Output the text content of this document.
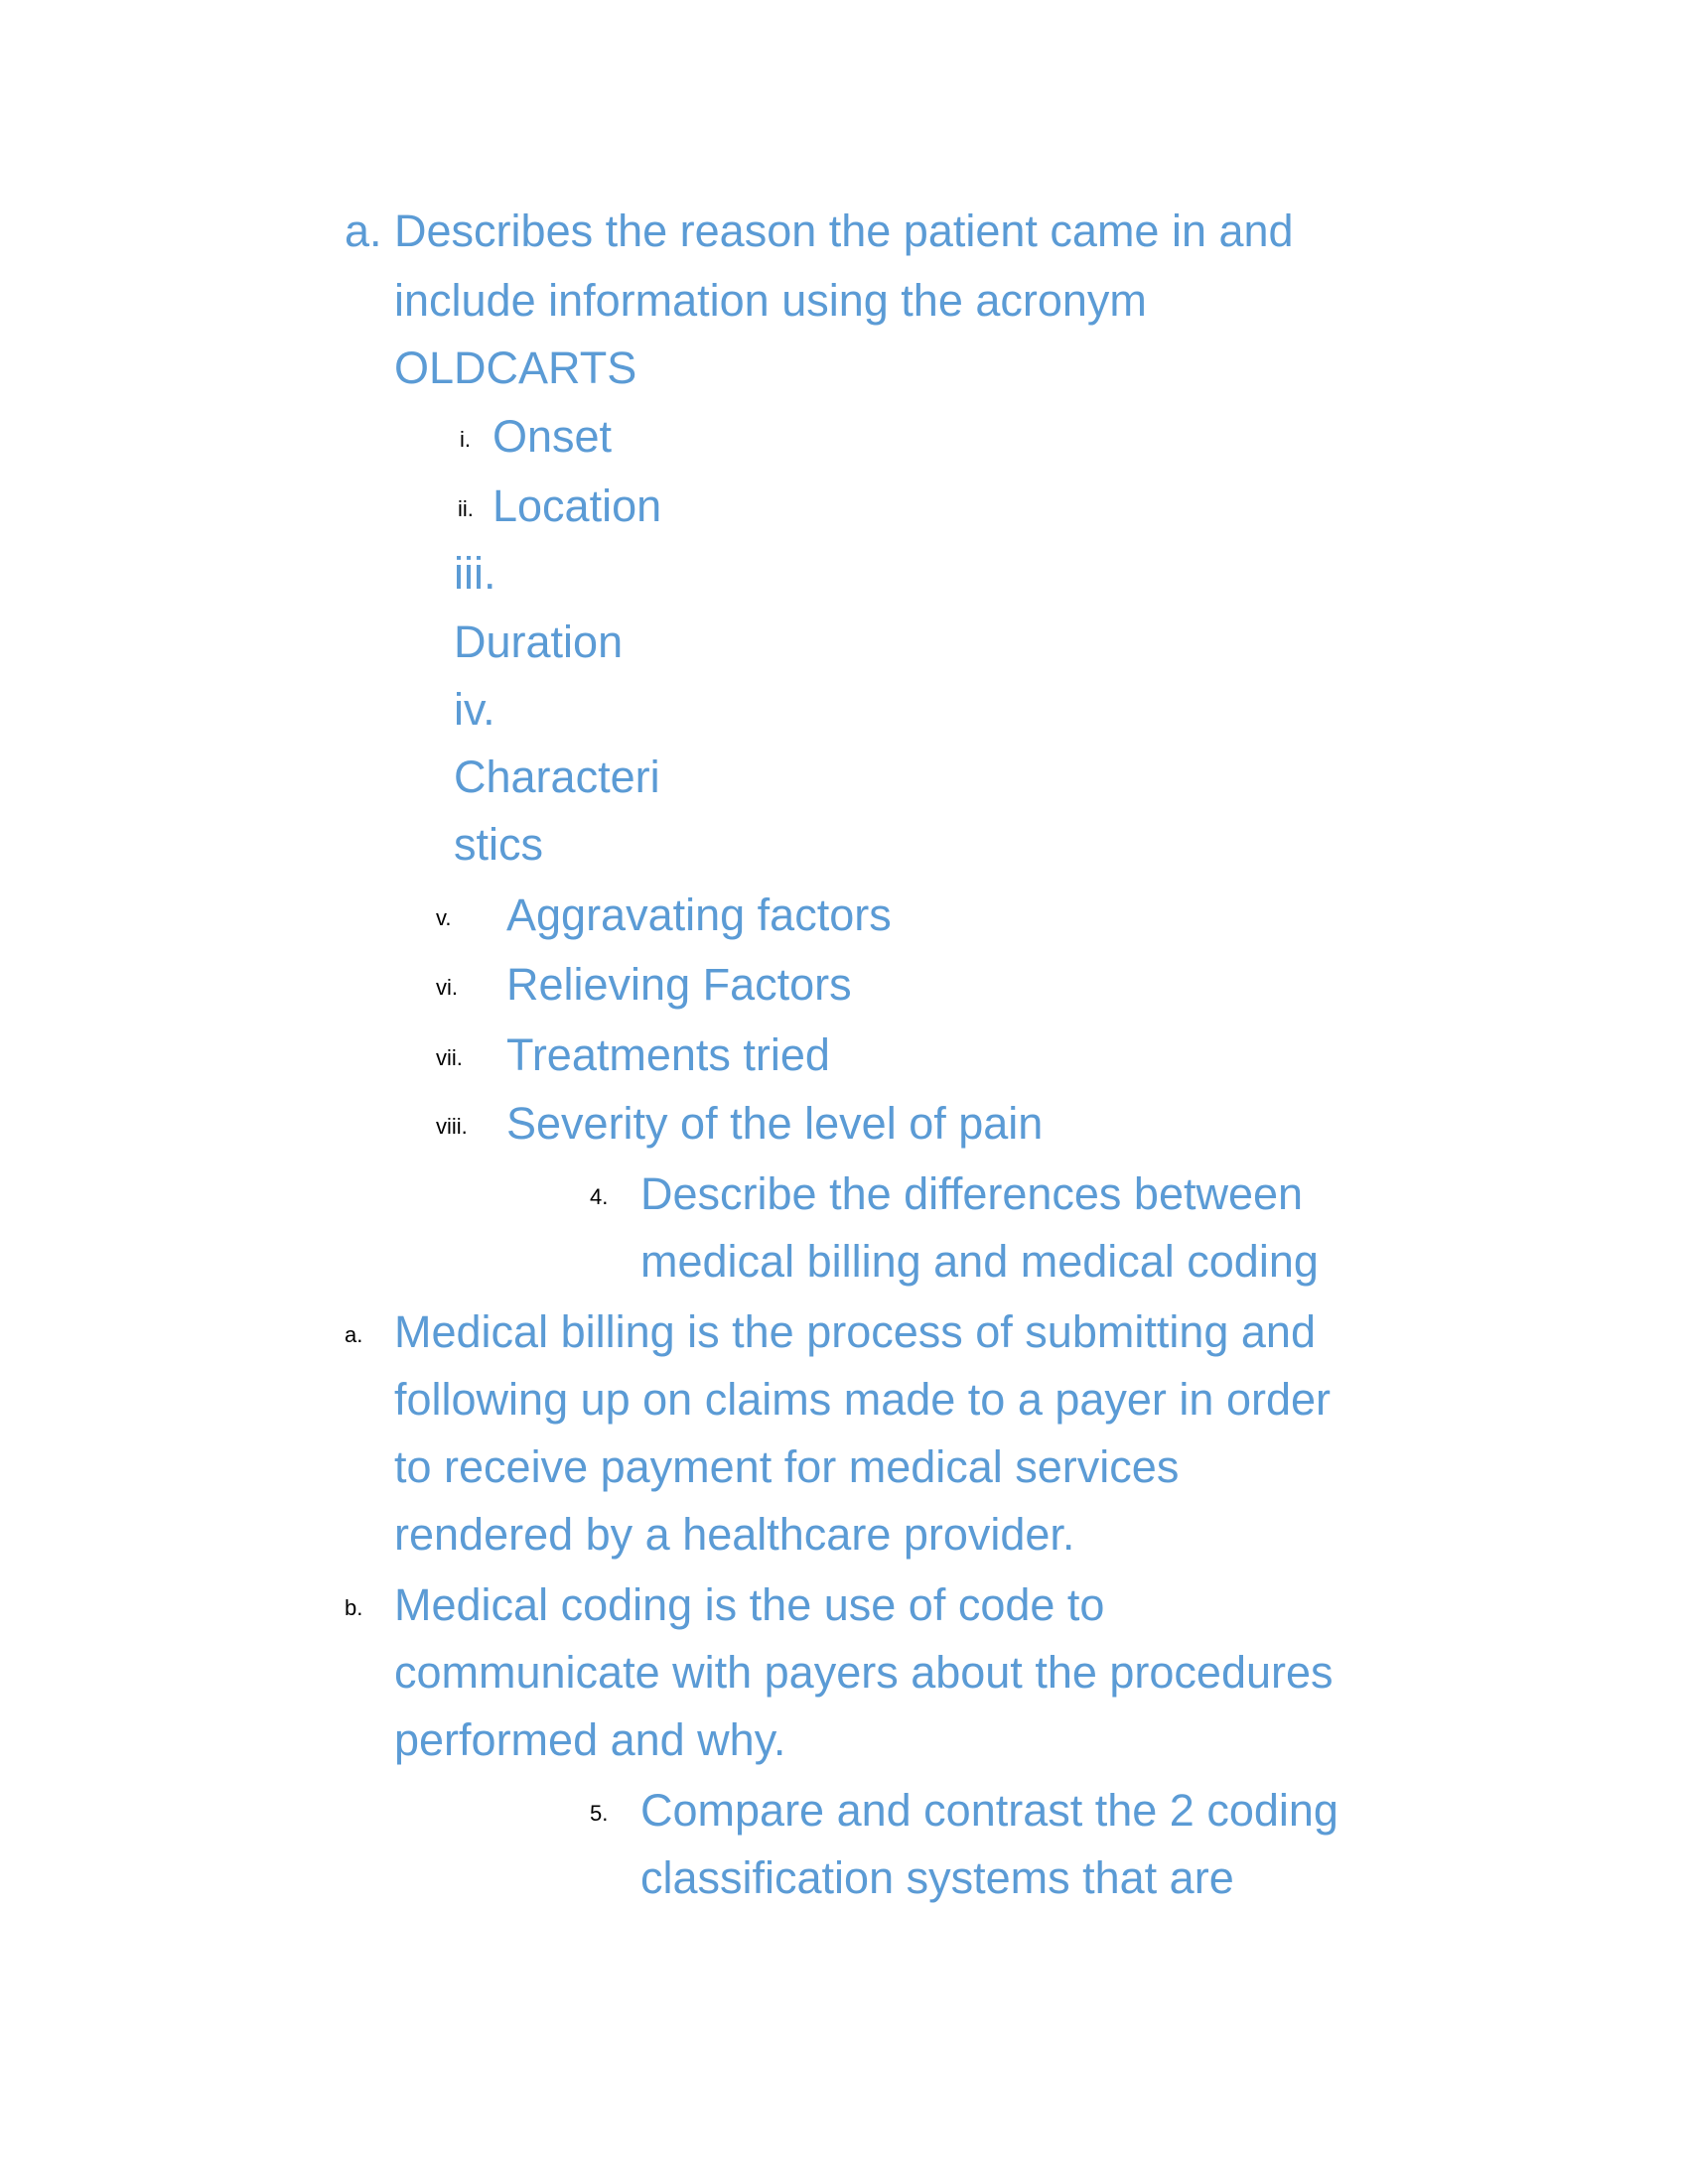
a. Describes the reason the patient came in and
include information using the acronym
OLDCARTS
i. Onset
ii. Location
iii.
Duration
iv.
Characteri
stics
v. Aggravating factors
vi. Relieving Factors
vii. Treatments tried
viii. Severity of the level of pain
4. Describe the differences between
medical billing and medical coding
a. Medical billing is the process of submitting and
following up on claims made to a payer in order
to receive payment for medical services
rendered by a healthcare provider.
b. Medical coding is the use of code to
communicate with payers about the procedures
performed and why.
5. Compare and contrast the 2 coding
classification systems that are
